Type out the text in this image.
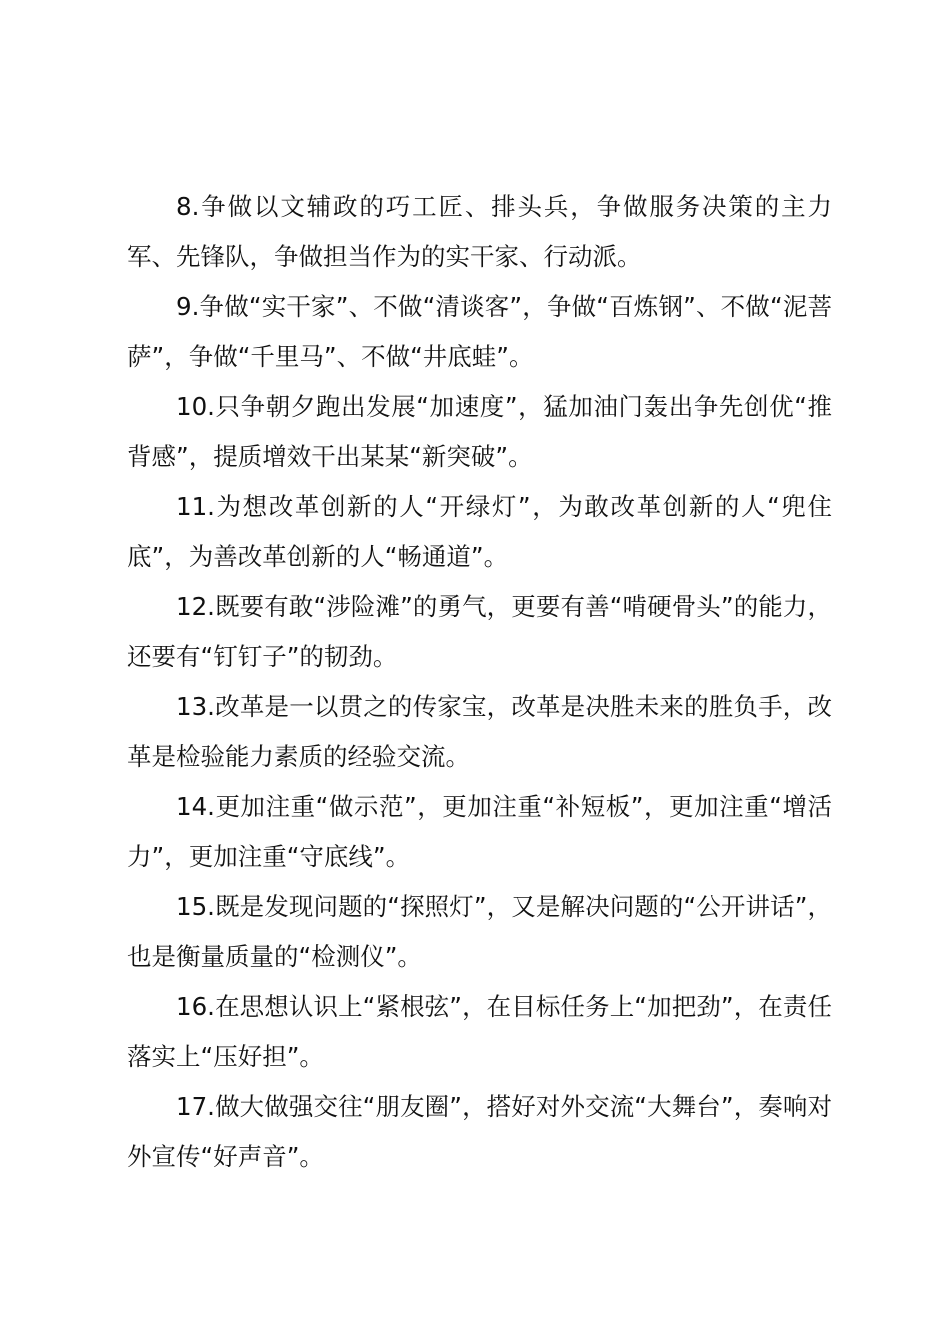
8.争做以文辅政的巧工匠、排头兵，争做服务决策的主力军、先锋队，争做担当作为的实干家、行动派。

9.争做“实干家”、不做“清谈客”，争做“百炼钢”、不做“泥菩萨”，争做“千里马”、不做“井底蛙”。

10.只争朝夕跑出发展“加速度”，猛加油门轰出争先创优“推背感”，提质增效干出某某“新突破”。

11.为想改革创新的人“开绿灯”，为敢改革创新的人“兜住底”，为善改革创新的人“畅通道”。

12.既要有敢“涉险滩”的勇气，更要有善“啃硬骨头”的能力，还要有“钉钉子”的韧劲。

13.改革是一以贯之的传家宝，改革是决胜未来的胜负手，改革是检验能力素质的经验交流。

14.更加注重“做示范”，更加注重“补短板”，更加注重“增活力”，更加注重“守底线”。

15.既是发现问题的“探照灯”，又是解决问题的“公开讲话”，也是衡量质量的“检测仪”。

16.在思想认识上“紧根弦”，在目标任务上“加把劲”，在责任落实上“压好担”。

17.做大做强交往“朋友圈”，搭好对外交流“大舞台”，奏响对外宣传“好声音”。
